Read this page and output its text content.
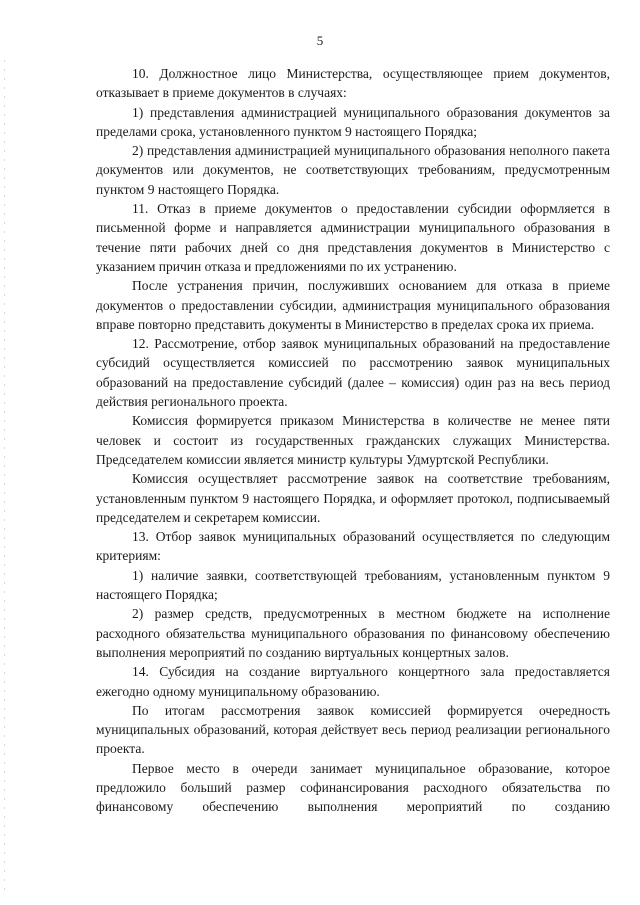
5

10. Должностное лицо Министерства, осуществляющее прием документов, отказывает в приеме документов в случаях:

1) представления администрацией муниципального образования документов за пределами срока, установленного пунктом 9 настоящего Порядка;

2) представления администрацией муниципального образования неполного пакета документов или документов, не соответствующих требованиям, предусмотренным пунктом 9 настоящего Порядка.

11. Отказ в приеме документов о предоставлении субсидии оформляется в письменной форме и направляется администрации муниципального образования в течение пяти рабочих дней со дня представления документов в Министерство с указанием причин отказа и предложениями по их устранению.

После устранения причин, послуживших основанием для отказа в приеме документов о предоставлении субсидии, администрация муниципального образования вправе повторно представить документы в Министерство в пределах срока их приема.

12. Рассмотрение, отбор заявок муниципальных образований на предоставление субсидий осуществляется комиссией по рассмотрению заявок муниципальных образований на предоставление субсидий (далее – комиссия) один раз на весь период действия регионального проекта.

Комиссия формируется приказом Министерства в количестве не менее пяти человек и состоит из государственных гражданских служащих Министерства. Председателем комиссии является министр культуры Удмуртской Республики.

Комиссия осуществляет рассмотрение заявок на соответствие требованиям, установленным пунктом 9 настоящего Порядка, и оформляет протокол, подписываемый председателем и секретарем комиссии.

13. Отбор заявок муниципальных образований осуществляется по следующим критериям:

1) наличие заявки, соответствующей требованиям, установленным пунктом 9 настоящего Порядка;

2) размер средств, предусмотренных в местном бюджете на исполнение расходного обязательства муниципального образования по финансовому обеспечению выполнения мероприятий по созданию виртуальных концертных залов.

14. Субсидия на создание виртуального концертного зала предоставляется ежегодно одному муниципальному образованию.

По итогам рассмотрения заявок комиссией формируется очередность муниципальных образований, которая действует весь период реализации регионального проекта.

Первое место в очереди занимает муниципальное образование, которое предложило больший размер софинансирования расходного обязательства по финансовому обеспечению выполнения мероприятий по созданию
